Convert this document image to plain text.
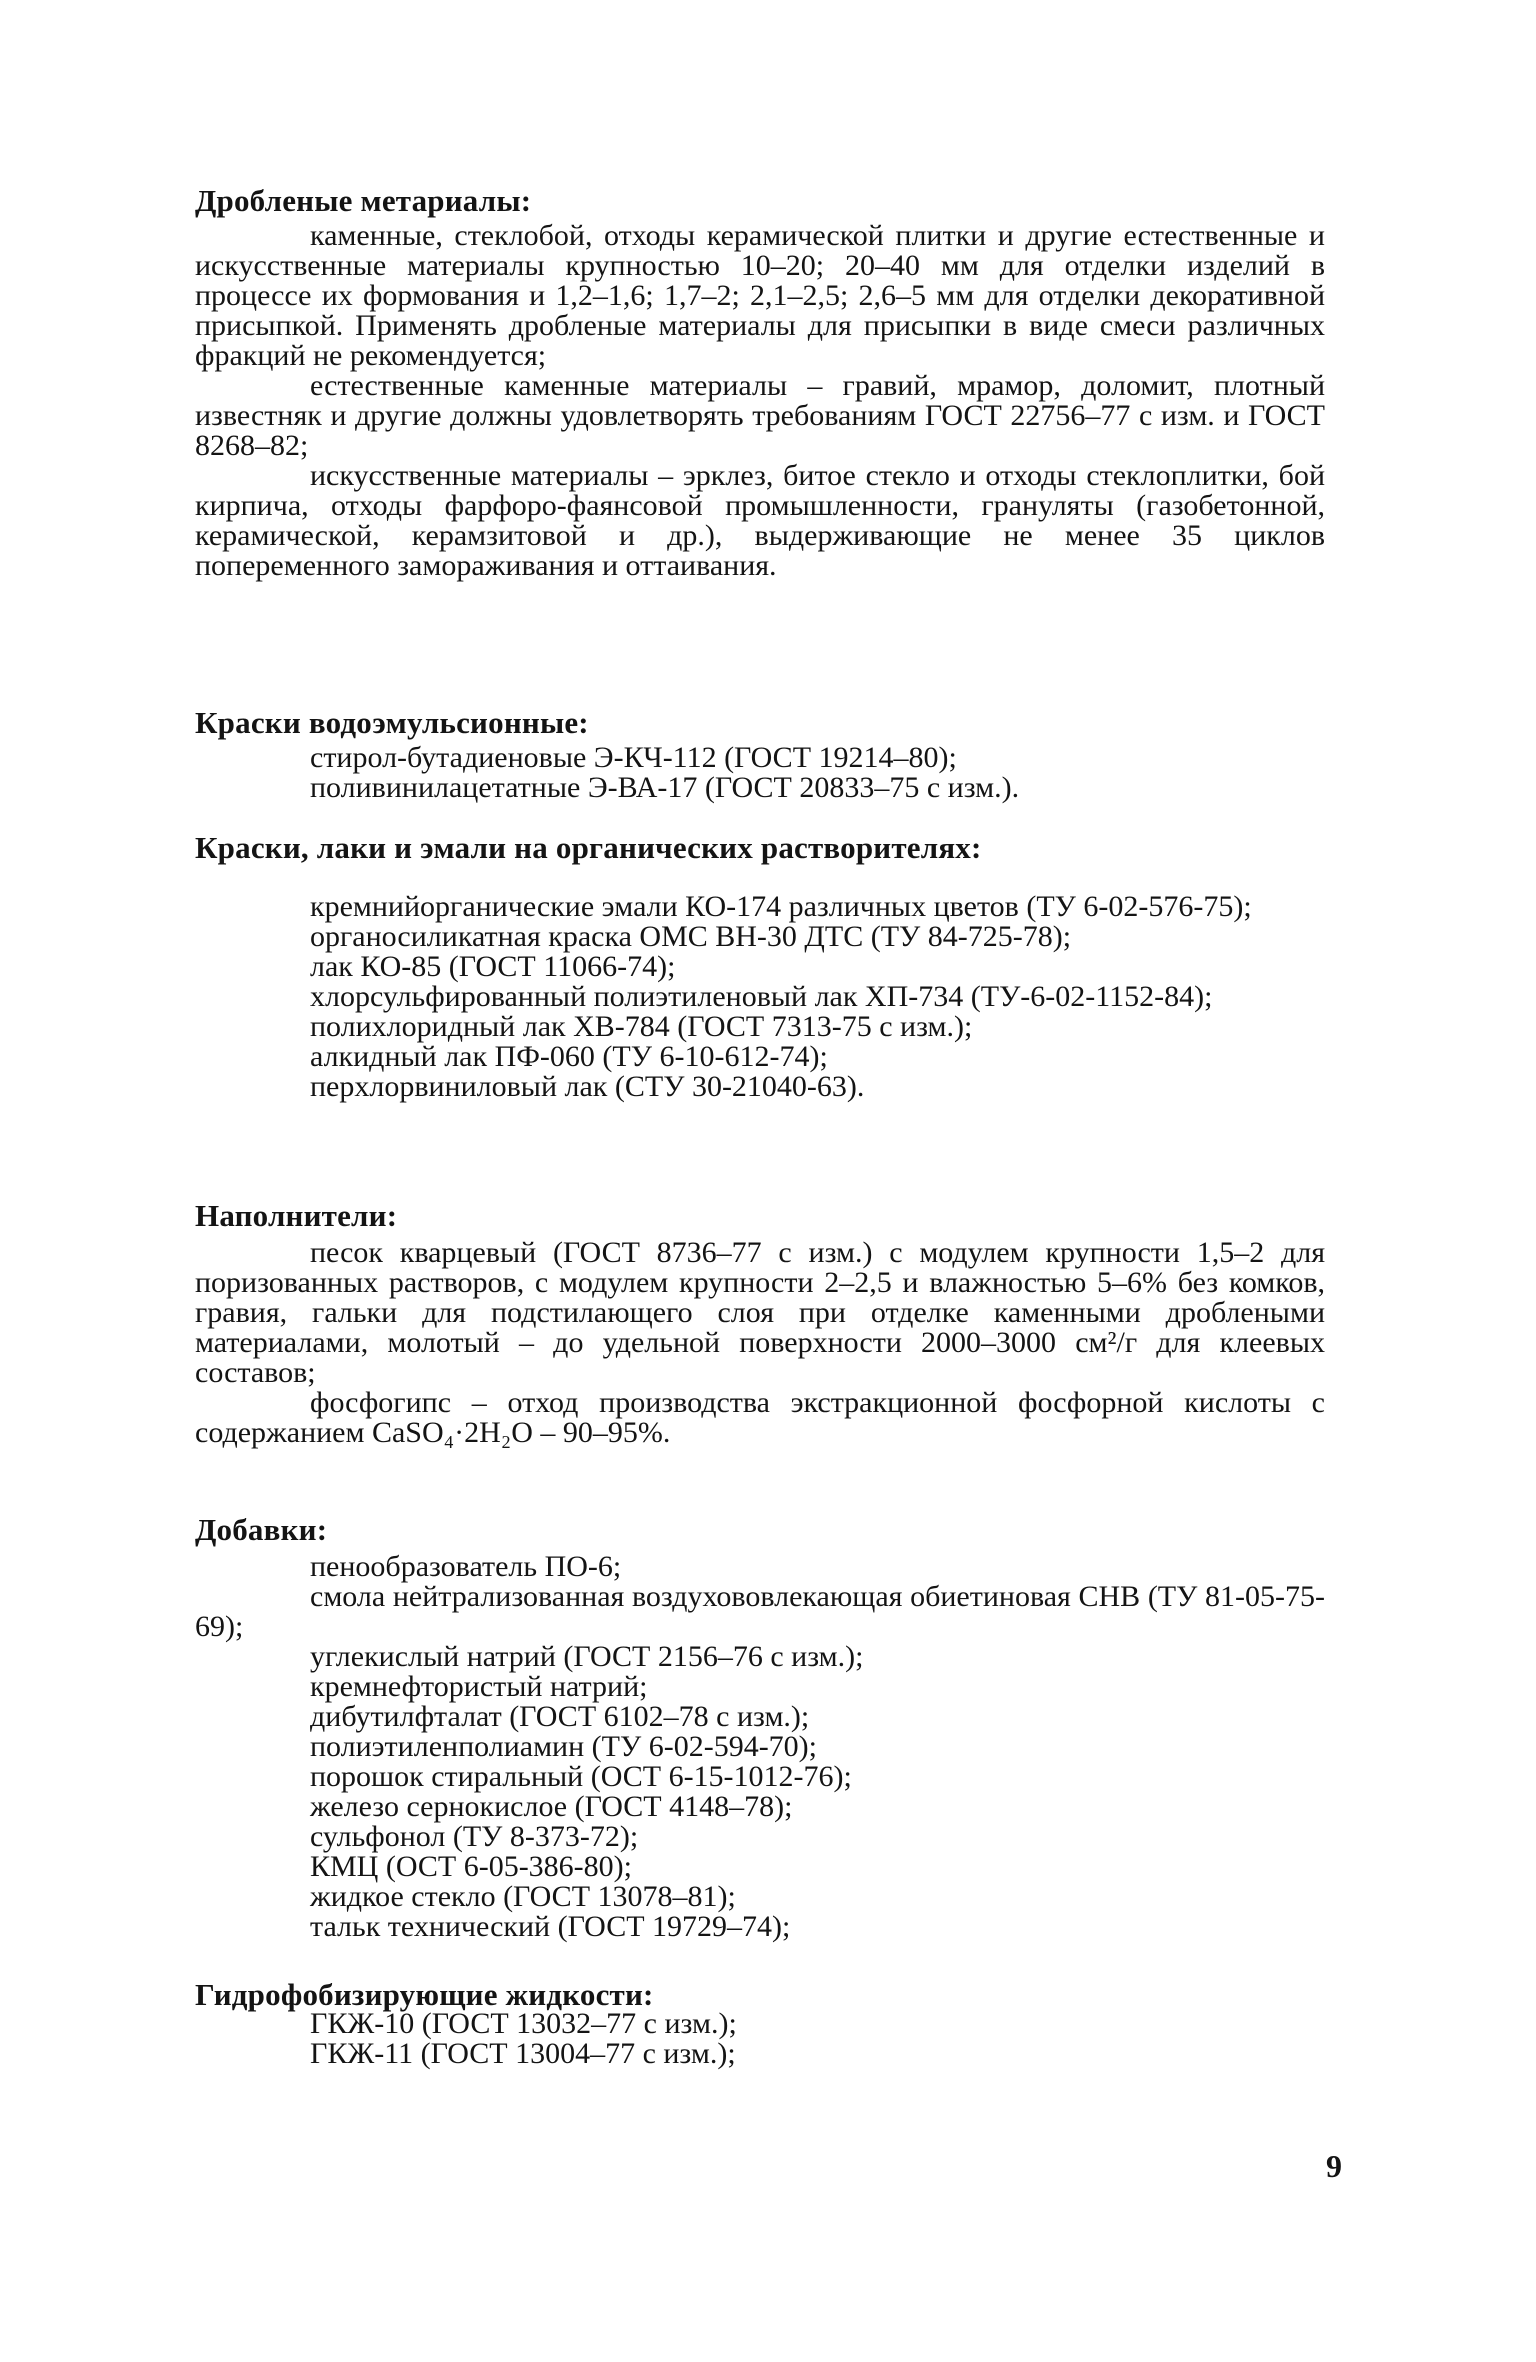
Дробленые метариалы:

каменные, стеклобой, отходы керамической плитки и другие естественные и искусственные материалы крупностью 10–20; 20–40 мм для отделки изделий в процессе их формования и 1,2–1,6; 1,7–2; 2,1–2,5; 2,6–5 мм для отделки декоративной присыпкой. Применять дробленые материалы для присыпки в виде смеси различных фракций не рекомендуется;

естественные каменные материалы – гравий, мрамор, доломит, плотный известняк и другие должны удовлетворять требованиям ГОСТ 22756–77 с изм. и ГОСТ 8268–82;

искусственные материалы – эрклез, битое стекло и отходы стеклоплитки, бой кирпича, отходы фарфоро-фаянсовой промышленности, грануляты (газобетонной, керамической, керамзитовой и др.), выдерживающие не менее 35 циклов попеременного замораживания и оттаивания.

Краски водоэмульсионные:

стирол-бутадиеновые Э-КЧ-112 (ГОСТ 19214–80);

поливинилацетатные Э-ВА-17 (ГОСТ 20833–75 с изм.).

Краски, лаки и эмали на органических растворителях:

кремнийорганические эмали КО-174 различных цветов (ТУ 6-02-576-75);

органосиликатная краска ОМС ВН-30 ДТС (ТУ 84-725-78);

лак КО-85 (ГОСТ 11066-74);

хлорсульфированный полиэтиленовый лак ХП-734 (ТУ-6-02-1152-84);

полихлоридный лак ХВ-784 (ГОСТ 7313-75 с изм.);

алкидный лак ПФ-060 (ТУ 6-10-612-74);

перхлорвиниловый лак (СТУ 30-21040-63).

Наполнители:

песок кварцевый (ГОСТ 8736–77 с изм.) с модулем крупности 1,5–2 для поризованных растворов, с модулем крупности 2–2,5 и влажностью 5–6% без комков, гравия, гальки для подстилающего слоя при отделке каменными дроблеными материалами, молотый – до удельной поверхности 2000–3000 см²/г для клеевых составов;

фосфогипс – отход производства экстракционной фосфорной кислоты с содержанием CaSO₄·2H₂O – 90–95%.

Добавки:

пенообразователь ПО-6;

смола нейтрализованная воздухововлекающая обиетиновая СНВ (ТУ 81-05-75-69);

углекислый натрий (ГОСТ 2156–76 с изм.);

кремнефтористый натрий;

дибутилфталат (ГОСТ 6102–78 с изм.);

полиэтиленполиамин (ТУ 6-02-594-70);

порошок стиральный (ОСТ 6-15-1012-76);

железо сернокислое (ГОСТ 4148–78);

сульфонол (ТУ 8-373-72);

КМЦ (ОСТ 6-05-386-80);

жидкое стекло (ГОСТ 13078–81);

тальк технический (ГОСТ 19729–74);

Гидрофобизирующие жидкости:

ГКЖ-10 (ГОСТ 13032–77 с изм.);

ГКЖ-11 (ГОСТ 13004–77 с изм.);

9
